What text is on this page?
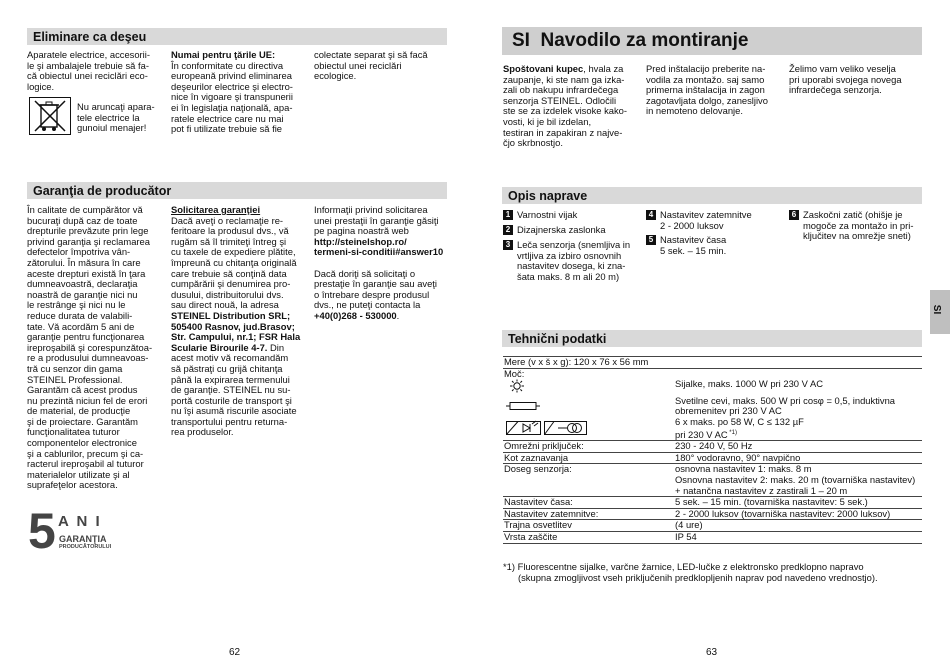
Eliminare ca deşeu
Aparatele electrice, accesorii-
le şi ambalajele trebuie să fa-
că obiectul unei reciclări eco-
logice.
Nu aruncaţi apara-
tele electrice la
gunoiul menajer!
Numai pentru ţările UE:
În conformitate cu directiva
europeană privind eliminarea
deşeurilor electrice şi electro-
nice în vigoare şi transpunerii
ei în legislaţia naţională, apa-
ratele electrice care nu mai
pot fi utilizate trebuie să fie
colectate separat şi să facă
obiectul unei reciclări
ecologice.
Garanţia de producător
În calitate de cumpărător vă
bucuraţi după caz de toate
drepturile prevăzute prin lege
privind garanţia şi reclamarea
defectelor împotriva vân-
zătorului. În măsura în care
aceste drepturi există în ţara
dumneavoastră, declaraţia
noastră de garanţie nici nu
le restrânge şi nici nu le
reduce durata de valabili-
tate. Vă acordăm 5 ani de
garanţie pentru funcţionarea
ireproşabilă şi corespunzătoa-
re a produsului dumneavoas-
tră cu senzor din gama
STEINEL Professional.
Garantăm că acest produs
nu prezintă niciun fel de erori
de material, de producţie
şi de proiectare. Garantăm
funcţionalitatea tuturor
componentelor electronice
şi a cablurilor, precum şi ca-
racterul ireproşabil al tuturor
materialelor utilizate şi al
suprafeţelor acestora.
Solicitarea garanţiei
Dacă aveţi o reclamaţie re-
feritoare la produsul dvs., vă
rugăm să îl trimiteţi întreg şi
cu taxele de expediere plătite,
împreună cu chitanţa originală
care trebuie să conţină data
cumpărării şi denumirea pro-
dusului, distribuitorului dvs.
sau direct nouă, la adresa
STEINEL Distribution SRL;
505400 Rasnov, jud.Brasov;
Str. Campului, nr.1; FSR Hala
Scularie Birourile 4-7. Din
acest motiv vă recomandăm
să păstraţi cu grijă chitanţa
până la expirarea termenului
de garanţie. STEINEL nu su-
portă costurile de transport şi
nu îşi asumă riscurile asociate
transportului pentru returna-
rea produselor.
Informaţii privind solicitarea
unei prestaţii în garanţie găsiţi
pe pagina noastră web
http://steinelshop.ro/
termeni-si-conditii#answer10
Dacă doriţi să solicitaţi o
prestaţie în garanţie sau aveţi
o întrebare despre produsul
dvs., ne puteţi contacta la
+40(0)268 - 530000.
5 A N I
GARANŢIA
PRODUCĂTORULUI
62
SI  Navodilo za montiranje
Spoštovani kupec, hvala za
zaupanje, ki ste nam ga izka-
zali ob nakupu infrardečega
senzorja STEINEL. Odločili
ste se za izdelek visoke kako-
vosti, ki je bil izdelan,
testiran in zapakiran z najve-
čjo skrbnostjo.
Pred inštalacijo preberite na-
vodila za montažo. saj samo
primerna inštalacija in zagon
zagotavljata dolgo, zanesljivo
in nemoteno delovanje.
Želimo vam veliko veselja
pri uporabi svojega novega
infrardečega senzorja.
Opis naprave
1 Varnostni vijak
2 Dizajnerska zaslonka
3 Leča senzorja (snemljiva in
vrtljiva za izbiro osnovnih
nastavitev dosega, ki zna-
šata maks. 8 m ali 20 m)
4 Nastavitev zatemnitve
2 - 2000 luksov
5 Nastavitev časa
5 sek. – 15 min.
6 Zaskočni zatič (ohišje je
mogoče za montažo in pri-
ključitev na omrežje sneti)
Tehnični podatki
Mere (v x š x g): 120 x 76 x 56 mm	
Moč:	
	Sijalke, maks. 1000 W pri 230 V AC

Svetilne cevi, maks. 500 W pri cosφ = 0,5, induktivna
obremenitev pri 230 V AC

6 x maks. po 58 W, C ≤ 132 µF
pri 230 V AC $^{*1)}$

Omrežni priključek:	230 - 240 V, 50 Hz

Kot zaznavanja	180° vodoravno, 90° navpično

Doseg senzorja:	osnovna nastavitev 1: maks. 8 m
Osnovna nastavitev 2: maks. 20 m (tovarniška nastavitev)
+ natančna nastavitev z zastirali 1 – 20 m

Nastavitev časa:	5 sek. – 15 min. (tovarniška nastavitev: 5 sek.)

Nastavitev zatemnitve:	2 - 2000 luksov (tovarniška nastavitev: 2000 luksov)

Trajna osvetlitev	(4 ure)

Vrsta zaščite	IP 54
*1) Fluorescentne sijalke, varčne žarnice, LED-lučke z elektronsko predklopno napravo
(skupna zmogljivost vseh priključenih predklopljenih naprav pod navedeno vrednostjo).
SI
63
